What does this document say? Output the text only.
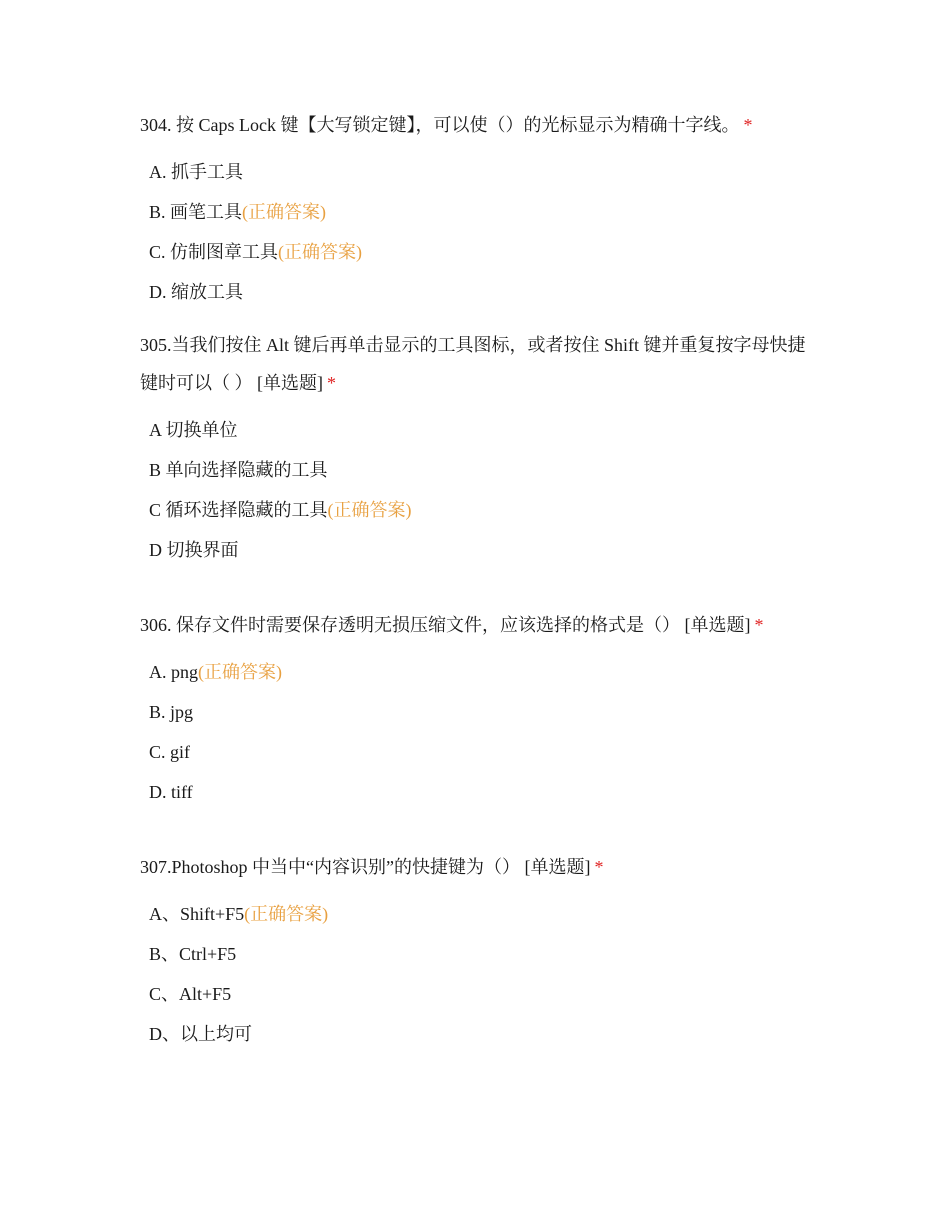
304. 按 Caps Lock 键【大写锁定键】，可以使（）的光标显示为精确十字线。 *

A. 抓手工具
B. 画笔工具(正确答案)
C. 仿制图章工具(正确答案)
D. 缩放工具

305.当我们按住 Alt 键后再单击显示的工具图标，或者按住 Shift 键并重复按字母快捷键时可以（ ） [单选题] *

A 切换单位
B 单向选择隐藏的工具
C 循环选择隐藏的工具(正确答案)
D 切换界面

306. 保存文件时需要保存透明无损压缩文件，应该选择的格式是（） [单选题] *

A. png(正确答案)
B. jpg
C. gif
D. tiff

307.Photoshop 中当中“内容识别”的快捷键为（） [单选题] *

A、Shift+F5(正确答案)
B、Ctrl+F5
C、Alt+F5
D、以上均可
